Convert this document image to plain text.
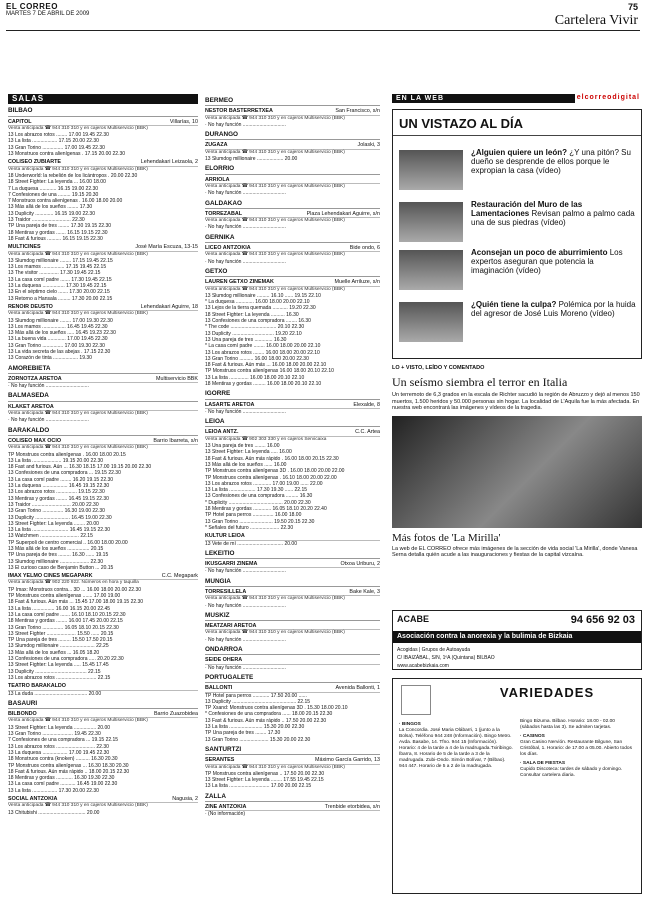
EL CORREO
MARTES 7 DE ABRIL DE 2009
75
Cartelera Vivir
SALAS
BILBAO
CAPITOL	Villarías, 10
Venta anticipada ☎ 944 310 310 y en cajeros Multiservicio (BBK)
13 Los abrazos rotos ........ 17.00 19.45 22.30
13 La lista .................. 17.15 20.00 22.30
13 Gran Torino ............... 17.00 19.45 22.30
13 Monstruos contra alienígenas . 17.15 20.00 22.30
COLISEO ZUBIARTE	Lehendakari Leizaola, 2
Venta anticipada ☎ 944 310 310 y en cajeros Multiservicio (BBK)
18 Underworld: la rebelión de los licántropos . 20.00 22.30
18 Street Fighter: La leyenda ... 16.00 18.00
7 La duquesa ............ 16.15 19.00 22.30
7 Confesiones de una ......... 19.15 20.30
7 Monstruos contra alienígenas . 16.00 18.00 20.00
13 Más allá de los sueños ........ 17.30
13 Duplicity ............. 16.15 19.00 22.30
13 Traidor ............................ 22.30
TP Una pareja de tres ........ 17.30 19.15 22.30
18 Mentiras y gordas ....... 16.15 19.15 22.30
18 Fast & furious .......... 16.15 19.15 22.30
MULTICINES	José María Escuza, 13-15
Venta anticipada ☎ 944 310 310 y en cajeros Multiservicio (BBK)
13 Slumdog millionaire ........ 17.15 19.45 22.15
13 Los mamos ................ 17.15 19.45 22.15
13 The visitor .............. 17.30 19.45 22.15
13 La casa comí padre ....... 17.30 19.45 22.15
13 La duquesa ................ 17.30 19.45 22.15
13 En el séptimo cielo ....... 17.30 20.00 22.15
13 Retorno a Hansala ......... 17.30 20.00 22.15
RENOIR DEUSTO	Lehendakari Aguirre, 18
Venta anticipada ☎ 944 310 310 y en cajeros Multiservicio (BBK)
13 Slumdog millionaire ........ 17.00 19.30 22.30
13 Los mamos ................. 16.45 19.45 22.30
13 Más allá de los sueños ..... 16.45 19.23 22.30
13 La buena vida ............. 17.00 19.45 22.30
13 Gran Torino ............... 17.00 19.30 22.30
13 La vida secreta de las abejas . 17.15 22.30
13 Corazón de tinta .................. 19.30
AMOREBIETA
ZORNOTZA ARETOA	Multiservicio BBK
· No hay función ...............................
BALMASEDA
KLAKET ARETOA
Venta anticipada ☎ 944 310 310 y en cajeros Multiservicio (BBK)
· No hay función ...............................
BARAKALDO
COLISEO MAX OCIO	Barrio Ibarreta, s/n
Venta anticipada ☎ 944 310 310 y en cajeros Multiservicio (BBK)
TP Monstruos contra alienígenas . 16.00 18.00 20.15
13 La lista ..................... 19.15 20.00 22.30
18 Fast and furious. Aún ... 16.30 18.15 17.00 19.15 20.00 22.30
13 Confesiones de una compradora ... 19.15 22.30
13 La casa comí padre ........ 16.20 19.15 22.30
13 La duquesa .................. 16.45 19.15 22.30
13 Los abrazos rotos ............... 19.15 22.30
13 Mentiras y gordas ........ 16.45 19.15 22.30
13 Traidor ............................ 20.00 22.30
13 Gran Torino ............... 16.30 19.00 22.30
13 Duplicity ......................... 16.45 19.00 22.30
13 Street Fighter: La leyenda ........ 20.00
13 La lista .......................... 16.45 19.15 22.30
13 Watchmen ............................ 22.15
TP Superpoli de centro comercial .. 16.00 18.00 20.00
13 Más allá de los sueños ................ 20.15
TP Una pareja de tres ......... 16.30 ...... 19.15
13 Slumdog millionaire ..................... 22.30
13 El curioso caso de Benjamin Button ... 20.15
IMAX YELMO CINES MEGAPARK	C.C. Megapark
Venta anticipada ☎ 902 220 922. Números en hora y taquilla
TP Imax: Monstruos contra... 3D ... 16.00 18.00 20.00 22.30
TP Monstruos contra alienígenas ....... 17.00 19.00
18 Fast & furious. Aún más ... 15.45 17.00 18.00 19.15 22.30
13 La lista ................ 16.00 16.15 20.00 22.45
13 La casa comí padre ....... 16.10 18.10 20.15 22.30
18 Mentiras y gordas ........ 16.00 17.45 20.00 22.15
13 Gran Torino ............... 16.05 18.10 20.15 22.30
13 Street Fighter ..................... 15.50 ...... 20.15
TP Una pareja de tres ......... 15.50 17.50 20.15
13 Slumdog millionaire ......................... 22.25
13 Más allá de los sueños ... 16.05 18.20
13 Confesiones de una compradora ..... 20.20 22.30
13 Street Fighter: La leyenda ..... 15.45 17.45
13 Duplicity ..................................... 22.15
13 Los abrazos rotos ............................. 22.15
TEATRO BARAKALDO
13 La duda ...................................... 20.00
BASAURI
BILBONDO	Barrio Zuazobidea
Venta anticipada ☎ 944 310 310 y en cajeros Multiservicio (BBK)
13 Street Fighter: La leyenda ................ 20.00
13 Gran Torino ...................... 19.45 22.30
7 Confesiones de una compradora ... 19.15 22.15
13 Los abrazos rotos ............................ 22.30
13 La duquesa .................. 17.00 19.45 22.30
18 Monstruos contra (knoken) .......... 16.30 20.30
TP Monstruos contra alienígenas ... 16.30 18.30 20.30
18 Fast & furious. Aún más rápido .. 18.00 20.15 22.30
18 Mentiras y gordas ............ 16.30 19.30 22.30
13 La casa comí padre ........... 16.45 19.00 22.30
13 La lista .................. 17.30 20.00 22.30
SOCIAL ANTZOKIA	Nagusia, 2
Venta anticipada ☎ 944 310 310 y en cajeros Multiservicio (BBK)
13 Chitubishi .................................. 20.00
BERMEO
NESTOR BASTERRETXEA	San Francisco, s/n
Venta anticipada ☎ 944 310 310 y en cajeros Multiservicio (BBK)
· No hay función ...............................
DURANGO
ZUGAZA	Jolaski, 3
Venta anticipada ☎ 944 310 310 y en cajeros Multiservicio (BBK)
13 Slumdog millionaire ................... 20.00
ELORRIO
ARRIOLA
Venta anticipada ☎ 944 310 310 y en cajeros Multiservicio (BBK)
· No hay función ...............................
GALDAKAO
TORREZABAL	Plaza Lehendakari Aguirre, s/n
Venta anticipada ☎ 944 310 310 y en cajeros Multiservicio (BBK)
· No hay función ...............................
GERNIKA
LICEO ANTZOKIA	Bide ondo, 6
Venta anticipada ☎ 944 310 310 y en cajeros Multiservicio (BBK)
· No hay función ...............................
GETXO
LAUREN GETXO ZINEMAK	Muelle Arriluze, s/n
Venta anticipada ☎ 944 310 310 y en cajeros Multiservicio (BBK)
13 Slumdog millionaire ......... 16.10 ...... 19.15 22.10
* La duquesa ............. 16.00 18.00 20.00 22.10
13 Lejos de la tierra quemada ........... 19.20 22.30
18 Street Fighter: La leyenda .......... 16.30
13 Confesiones de una compradora ........ 16.30
* The code ................................. 20.10 22.30
13 Duplicity .............................. 19.20 22.10
13 Una pareja de tres ............. 16.30
* La casa comí padre ........ 16.00 18.00 20.00 22.10
13 Los abrazos rotos ........ 16.00 18.00 20.00 22.10
13 Gran Torino .......... 16.00 18.00 20.00 22.30
18 Fast & furious. Aún más ... 16.00 18.00 20.00 22.10
TP Monstruos contra alienígenas 16.00 18.00 20.10 22.10
13 La lista .............. 16.00 18.00 20.10 22.10
18 Mentiras y gordas ......... 16.00 18.00 20.10 22.10
IGORRE
LASARTE ARETOA	Elexalde, 8
· No hay función ...............................
LEIOA
LEIOA ANTZ.	C.C. Artea
Venta anticipada ☎ 902 303 330 y en cajeros Servicaixa
13 Una pareja de tres ........ 16.00
13 Street Fighter: La leyenda ..... 16.00
18 Fast & furious. Aún más rápido . 16.00 18.00 20.15 22.30
13 Más allá de los sueños ...... 16.00
TP Monstruos contra alienígenas 3D . 16.00 18.00 20.00 22.00
TP Monstruos contra alienígenas . 16.10 18.00 20.00 22.00
13 Los abrazos rotos ............. 17.00 19.00 ...... 22.00
13 La lista ................... 17.30 19.30 ...... 22.15
13 Confesiones de una compradora ......... 16.30
* Duplicity ....................................... 20.00 22.30
18 Mentiras y gordas ............. 16.05 18.10 20.20 22.40
TP Hotel para perros ............... 16.00 18.00
13 Gran Torino ........................ 19.50 20.15 22.30
* Señales del futuro ..................... 22.30
KULTUR LEIOA
13 Vete de mí ................................. 20.00
LEKEITIO
IKUSGARRI ZINEMA	Otxoa Uriburu, 2
· No hay función ...............................
MUNGIA
TORRESILLELA	Bake Kale, 3
Venta anticipada ☎ 944 310 310 y en cajeros Multiservicio (BBK)
· No hay función ...............................
MUSKIZ
MEATZARI ARETOA
Venta anticipada ☎ 944 310 310 y en cajeros Multiservicio (BBK)
· No hay función ...............................
ONDARROA
SEIDE OHERA
· No hay función ...............................
PORTUGALETE
BALLONTI	Avenida Ballonti, 1
TP Hotel para perros ............ 17.50 20.00 ......
13 Duplicity .............................................. 22.15
TP Xsand: Monstruos contra alienígenas 3D . 15.30 18.00 20.10
* Confesiones de una compradora ...... 18.00 20.15 22.30
13 Fast & furious. Aún más rápido .. 17.50 20.00 22.30
13 La lista ........................ 15.30 20.00 22.30
TP Una pareja de tres ........ 17.30
13 Gran Torino ..................... 15.30 20.00 22.30
SANTURTZI
SERANTES	Máximo García Garrido, 13
Venta anticipada ☎ 944 310 310 y en cajeros Multiservicio (BBK)
TP Monstruos contra alienígenas .. 17.50 20.00 22.30
13 Street Fighter: La leyenda ........ 17.55 19.45 22.15
13 La lista ............................. 17.00 20.00 22.15
ZALLA
ZINE ANTZOKIA	Trenbide etorbidea, s/n
· (No información)
EN LA WEB	elcorreodigital
UN VISTAZO AL DÍA
¿Alguien quiere un león? ¿Y una pitón? Su dueño se desprende de ellos porque le expropian la casa (vídeo)
Restauración del Muro de las Lamentaciones Revisan palmo a palmo cada una de sus piedras (vídeo)
Aconsejan un poco de aburrimiento Los expertos aseguran que potencia la imaginación (vídeo)
¿Quién tiene la culpa? Polémica por la huida del agresor de José Luis Moreno (vídeo)
LO + VISTO, LEÍDO Y COMENTADO
Un seísmo siembra el terror en Italia
Un terremoto de 6,3 grados en la escala de Richter sacudió la región de Abruzzo y dejó al menos 150 muertos, 1.500 heridos y 50.000 personas sin hogar. La localidad de L'Aquila fue la más afectada. En nuestra web encontrará las imágenes y vídeos de la tragedia.
Más fotos de 'La Mirilla'
La web de EL CORREO ofrece más imágenes de la sección de vida social 'La Mirilla', donde Vanesa Serna detalla quién acude a las inauguraciones y fiestas de la capital vizcaína.
ACABE	94 656 92 03
Asociación contra la anorexia y la bulimia de Bizkaia
Acogidas | Grupos de Autoayuda
C/ IBAIZÁBAL, S/N, 1ºA (Quintana) BILBAO
www.acabebizkaia.com
VARIEDADES
· BINGOS
La Concordia. José Maria Olábarri, 1 (junto a la Bolsa). Teléfono 944 248 (Información). Bingo Metro. Avda. Basabe, 14. Tfno. 944 15 (Información). Horario: 4 de la tarde a 4 de la madrugada.Txiribingo. Íbarra, 8. Horario de 5 de la tarde a 3 de la madrugada. Zubi-Ondo. Simón Bolívar, 7 (Bilbao). 944 447. Horario de 5 a 2 de la madrugada.
Bingo Bizuma. Bilbao. Horario: 18.00 - 02.00 (sábados hasta las 3). Se admiten tarjetas.
· CASINOS
Gran Casino Nervión. Restaurante Bilgune, San Cristóbal, 1. Horario: de 17.00 a 05.00. Abierto todos los días.
· SALA DE FIESTAS
Cupido Discoteca: tardes de sábado y domingo. Consultar cartelera diaria.
